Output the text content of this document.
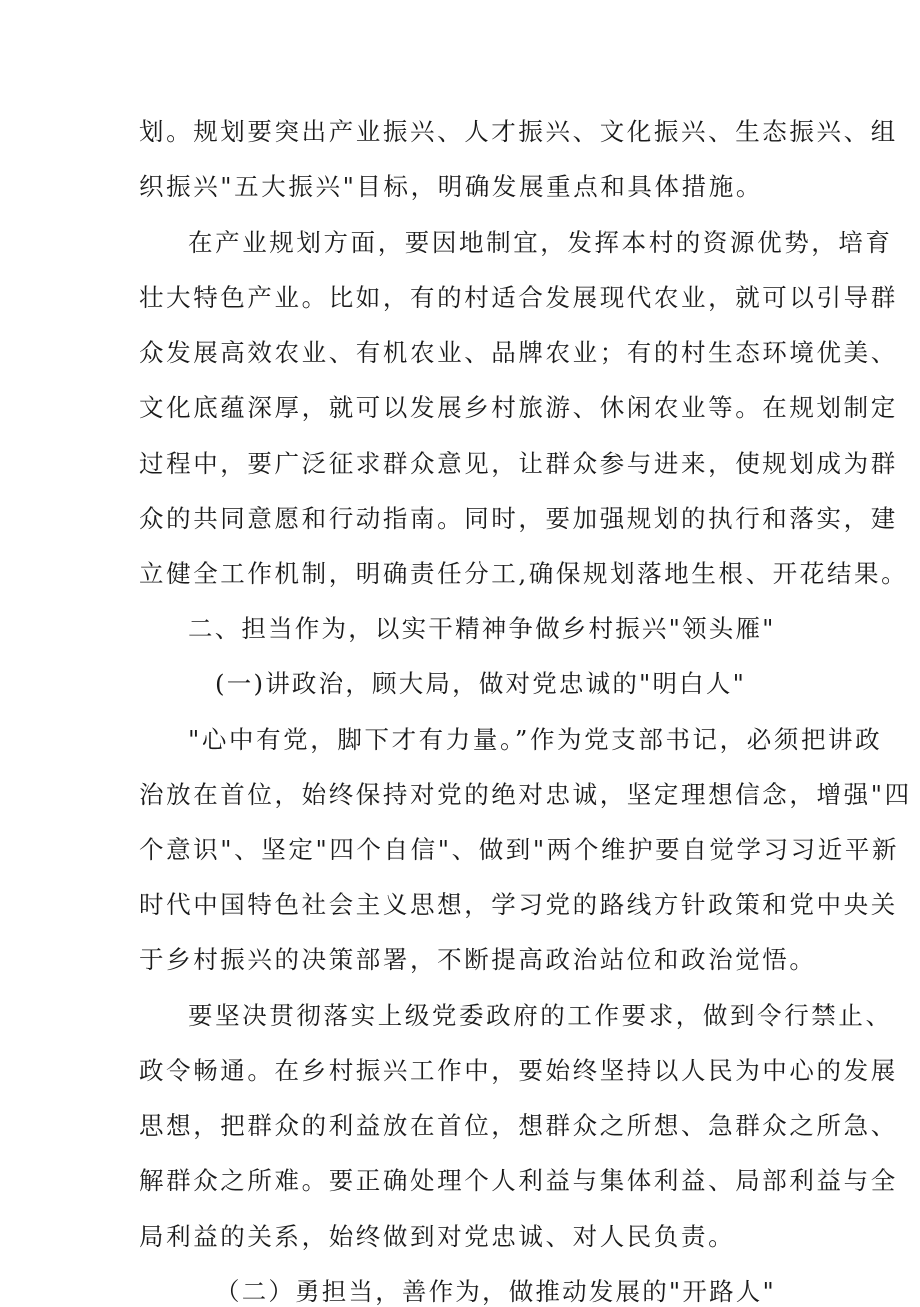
划。规划要突出产业振兴、人才振兴、文化振兴、生态振兴、组
织振兴"五大振兴"目标，明确发展重点和具体措施。
在产业规划方面，要因地制宜，发挥本村的资源优势，培育
壮大特色产业。比如，有的村适合发展现代农业，就可以引导群
众发展高效农业、有机农业、品牌农业；有的村生态环境优美、
文化底蕴深厚，就可以发展乡村旅游、休闲农业等。在规划制定
过程中，要广泛征求群众意见，让群众参与进来，使规划成为群
众的共同意愿和行动指南。同时，要加强规划的执行和落实，建
立健全工作机制，明确责任分工,确保规划落地生根、开花结果。
二、担当作为，以实干精神争做乡村振兴"领头雁"
(一)讲政治，顾大局，做对党忠诚的"明白人"
"心中有党，脚下才有力量。”作为党支部书记，必须把讲政
治放在首位，始终保持对党的绝对忠诚，坚定理想信念，增强"四
个意识"、坚定"四个自信"、做到"两个维护要自觉学习习近平新
时代中国特色社会主义思想，学习党的路线方针政策和党中央关
于乡村振兴的决策部署，不断提高政治站位和政治觉悟。
要坚决贯彻落实上级党委政府的工作要求，做到令行禁止、
政令畅通。在乡村振兴工作中，要始终坚持以人民为中心的发展
思想，把群众的利益放在首位，想群众之所想、急群众之所急、
解群众之所难。要正确处理个人利益与集体利益、局部利益与全
局利益的关系，始终做到对党忠诚、对人民负责。
（二）勇担当，善作为，做推动发展的"开路人"
